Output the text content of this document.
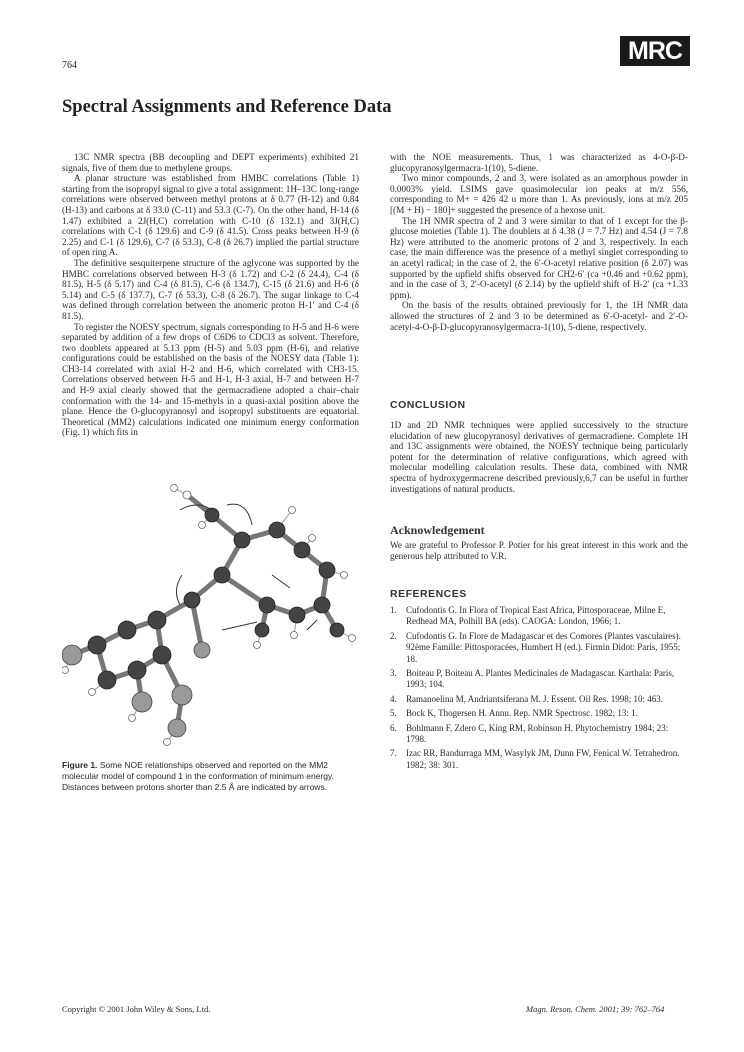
764
MRC
Spectral Assignments and Reference Data

13C NMR spectra (BB decoupling and DEPT experiments) exhibited 21 signals, five of them due to methylene groups.

A planar structure was established from HMBC correlations (Table 1) starting from the isopropyl signal to give a total assignment: 1H–13C long-range correlations were observed between methyl protons at δ 0.77 (H-12) and 0.84 (H-13) and carbons at δ 33.0 (C-11) and 53.3 (C-7). On the other hand, H-14 (δ 1.47) exhibited a 2J(H,C) correlation with C-10 (δ 132.1) and 3J(H,C) correlations with C-1 (δ 129.6) and C-9 (δ 41.5). Cross peaks between H-9 (δ 2.25) and C-1 (δ 129.6), C-7 (δ 53.3), C-8 (δ 26.7) implied the partial structure of open ring A.

The definitive sesquiterpene structure of the aglycone was supported by the HMBC correlations observed between H-3 (δ 1.72) and C-2 (δ 24.4), C-4 (δ 81.5), H-5 (δ 5.17) and C-4 (δ 81.5), C-6 (δ 134.7), C-15 (δ 21.6) and H-6 (δ 5.14) and C-5 (δ 137.7), C-7 (δ 53.3), C-8 (δ 26.7). The sugar linkage to C-4 was defined through correlation between the anomeric proton H-1′ and C-4 (δ 81.5).

To register the NOESY spectrum, signals corresponding to H-5 and H-6 were separated by addition of a few drops of C6D6 to CDCl3 as solvent. Therefore, two doublets appeared at 5.13 ppm (H-5) and 5.03 ppm (H-6), and relative configurations could be established on the basis of the NOESY data (Table 1): CH3-14 correlated with axial H-2 and H-6, which correlated with CH3-15. Correlations observed between H-5 and H-1, H-3 axial, H-7 and between H-7 and H-9 axial clearly showed that the germacradiene adopted a chair–chair conformation with the 14- and 15-methyls in a quasi-axial position above the plane. Hence the O-glucopyranosyl and isopropyl substituents are equatorial. Theoretical (MM2) calculations indicated one minimum energy conformation (Fig. 1) which fits in

Figure 1. Some NOE relationships observed and reported on the MM2 molecular model of compound 1 in the conformation of minimum energy. Distances between protons shorter than 2.5 Å are indicated by arrows.

with the NOE measurements. Thus, 1 was characterized as 4-O-β-D-glucopyranosylgermacra-1(10), 5-diene.

Two minor compounds, 2 and 3, were isolated as an amorphous powder in 0.0003% yield. LSIMS gave quasimolecular ion peaks at m/z 556, corresponding to M+ = 426 42 u more than 1. As previously, ions at m/z 205 [(M + H) − 180]+ suggested the presence of a hexose unit.

The 1H NMR spectra of 2 and 3 were similar to that of 1 except for the β-glucose moieties (Table 1). The doublets at δ 4.38 (J = 7.7 Hz) and 4.54 (J = 7.8 Hz) were attributed to the anomeric protons of 2 and 3, respectively. In each case, the main difference was the presence of a methyl singlet corresponding to an acetyl radical; in the case of 2, the 6′-O-acetyl relative position (δ 2.07) was supported by the upfield shifts observed for CH2-6′ (ca +0.46 and +0.62 ppm), and in the case of 3, 2′-O-acetyl (δ 2.14) by the upfield shift of H-2′ (ca +1.33 ppm).

On the basis of the results obtained previously for 1, the 1H NMR data allowed the structures of 2 and 3 to be determined as 6′-O-acetyl- and 2′-O-acetyl-4-O-β-D-glucopyranosylgermacra-1(10), 5-diene, respectively.

CONCLUSION
1D and 2D NMR techniques were applied successively to the structure elucidation of new glucopyranosyl derivatives of germacradiene. Complete 1H and 13C assignments were obtained, the NOESY technique being particularly potent for the determination of relative configurations, which agreed with molecular modelling calculation results. These data, combined with NMR spectra of hydroxygermacrene described previously,6,7 can be useful in further investigations of natural products.
Acknowledgement
We are grateful to Professor P. Potier for his great interest in this work and the generous help attributed to V.R.
REFERENCES
1. Cufodontis G. In Flora of Tropical East Africa, Pittosporaceae, Milne E, Redhead MA, Polhill BA (eds). CAOGA: London, 1966; 1.
2. Cufodontis G. In Flore de Madagascar et des Comores (Plantes vasculaires). 92ème Famille: Pittosporacées, Humbert H (ed.). Firmin Didot: Paris, 1955; 18.
3. Boiteau P, Boiteau A. Plantes Medicinales de Madagascar. Karthala: Paris, 1993; 104.
4. Ramanoelina M, Andriantsiferana M. J. Essent. Oil Res. 1998; 10: 463.
5. Bock K, Thogersen H. Annu. Rep. NMR Spectrosc. 1982; 13: 1.
6. Bohlmann F, Zdero C, King RM, Robinson H. Phytochemistry 1984; 23: 1798.
7. Izac RR, Bandurraga MM, Wasylyk JM, Dunn FW, Fenical W. Tetrahedron. 1982; 38: 301.
Copyright © 2001 John Wiley & Sons, Ltd.	Magn. Reson. Chem. 2001; 39: 762–764
